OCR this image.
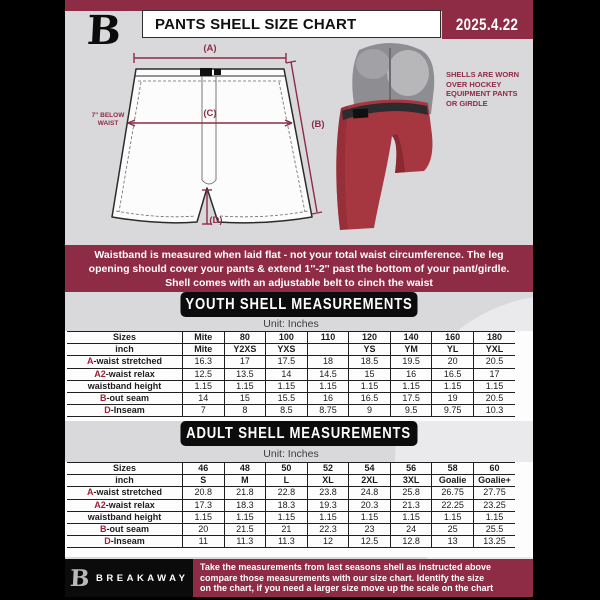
B	PANTS SHELL SIZE CHART	2025.4.22
(A)
(C)
(B)
(D)
7'' BELOW
WAIST
SHELLS ARE WORN
OVER HOCKEY
EQUIPMENT PANTS
OR GIRDLE
Waistband is measured when laid flat - not your total waist circumference. The leg
opening should cover your pants & extend 1''-2'' past the bottom of your pant/girdle.
Shell comes with an adjustable belt to cinch the waist
YOUTH SHELL MEASUREMENTS
Unit: Inches
Sizes	Mite	80	100	110	120	140	160	180
inch	Mite	Y2XS	YXS		YS	YM	YL	YXL
A-waist stretched	16.3	17	17.5	18	18.5	19.5	20	20.5
A2-waist relax	12.5	13.5	14	14.5	15	16	16.5	17
waistband height	1.15	1.15	1.15	1.15	1.15	1.15	1.15	1.15
B-out seam	14	15	15.5	16	16.5	17.5	19	20.5
D-Inseam	7	8	8.5	8.75	9	9.5	9.75	10.3
ADULT SHELL MEASUREMENTS
Unit: Inches
Sizes	46	48	50	52	54	56	58	60
inch	S	M	L	XL	2XL	3XL	Goalie	Goalie+
A-waist stretched	20.8	21.8	22.8	23.8	24.8	25.8	26.75	27.75
A2-waist relax	17.3	18.3	18.3	19.3	20.3	21.3	22.25	23.25
waistband height	1.15	1.15	1.15	1.15	1.15	1.15	1.15	1.15
B-out seam	20	21.5	21	22.3	23	24	25	25.5
D-Inseam	11	11.3	11.3	12	12.5	12.8	13	13.25
B BREAKAWAY
Take the measurements from last seasons shell as instructed above
compare those measurements with our size chart. Identify the size
on the chart, if you need a larger size move up the scale on the chart
